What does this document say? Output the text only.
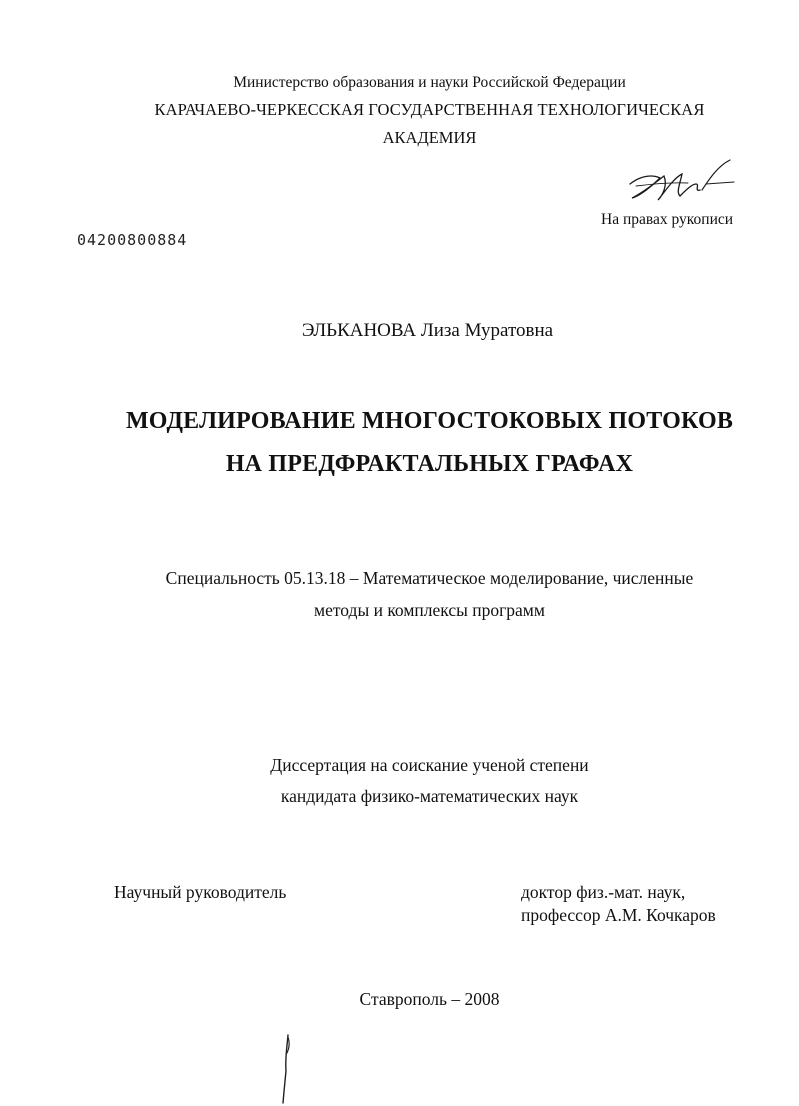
Министерство образования и науки Российской Федерации
КАРАЧАЕВО-ЧЕРКЕССКАЯ ГОСУДАРСТВЕННАЯ ТЕХНОЛОГИЧЕСКАЯ
АКАДЕМИЯ
На правах рукописи
04200800884
ЭЛЬКАНОВА Лиза Муратовна
МОДЕЛИРОВАНИЕ МНОГОСТОКОВЫХ ПОТОКОВ
НА ПРЕДФРАКТАЛЬНЫХ ГРАФАХ
Специальность 05.13.18 – Математическое моделирование, численные
методы и комплексы программ
Диссертация на соискание ученой степени
кандидата физико-математических наук
Научный руководитель	доктор физ.-мат. наук,
профессор А.М. Кочкаров
Ставрополь – 2008
